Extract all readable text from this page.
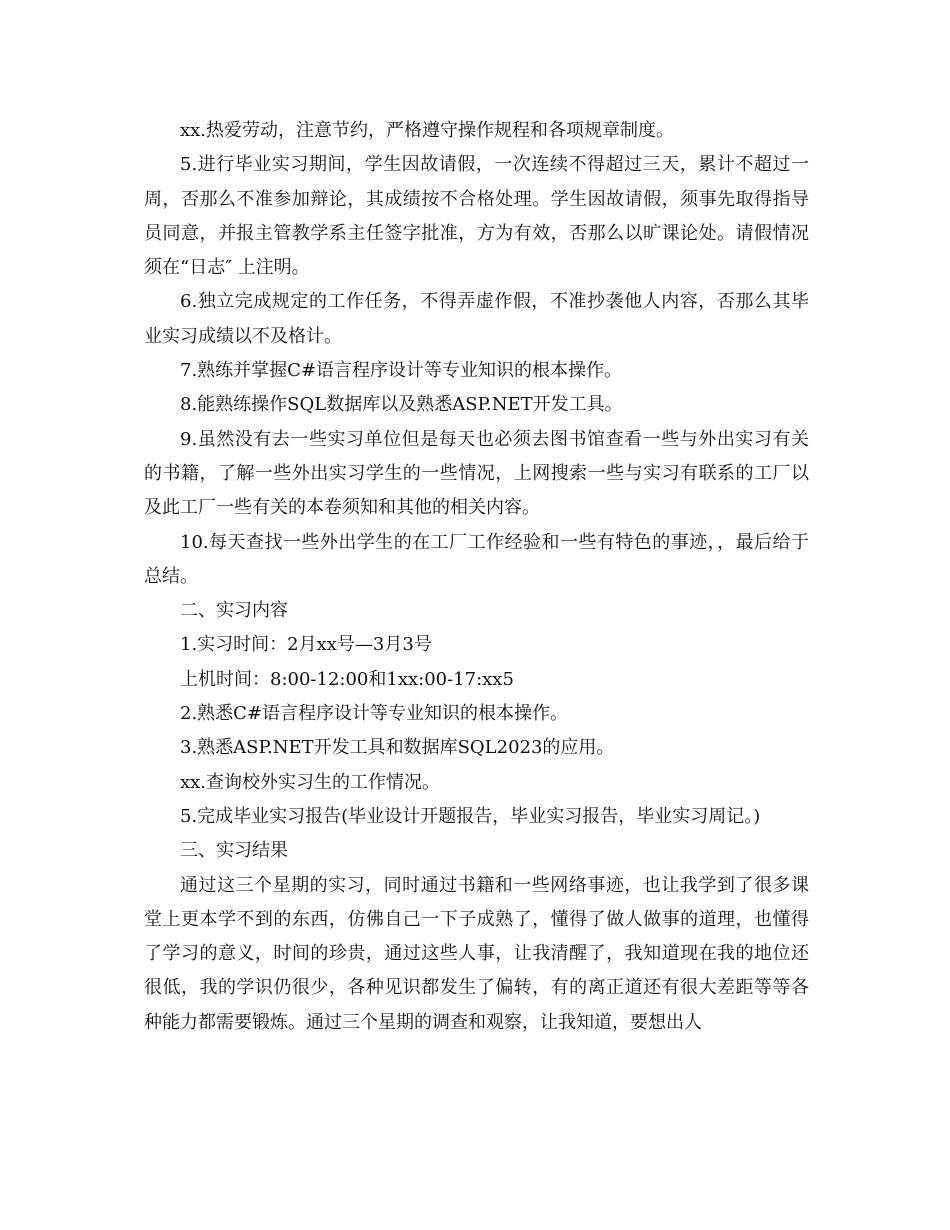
xx.热爱劳动，注意节约，严格遵守操作规程和各项规章制度。

5.进行毕业实习期间，学生因故请假，一次连续不得超过三天，累计不超过一周，否那么不准参加辩论，其成绩按不合格处理。学生因故请假，须事先取得指导员同意，并报主管教学系主任签字批准，方为有效，否那么以旷课论处。请假情况须在“日志″ 上注明。

6.独立完成规定的工作任务，不得弄虚作假，不准抄袭他人内容，否那么其毕业实习成绩以不及格计。

7.熟练并掌握C#语言程序设计等专业知识的根本操作。

8.能熟练操作SQL数据库以及熟悉ASP.NET开发工具。

9.虽然没有去一些实习单位但是每天也必须去图书馆查看一些与外出实习有关的书籍，了解一些外出实习学生的一些情况，上网搜索一些与实习有联系的工厂以及此工厂一些有关的本卷须知和其他的相关内容。

10.每天查找一些外出学生的在工厂工作经验和一些有特色的事迹，，最后给于总结。

二、实习内容

1.实习时间：2月xx号—3月3号

上机时间：8:00-12:00和1xx:00-17:xx5

2.熟悉C#语言程序设计等专业知识的根本操作。

3.熟悉ASP.NET开发工具和数据库SQL2023的应用。

xx.查询校外实习生的工作情况。

5.完成毕业实习报告(毕业设计开题报告，毕业实习报告，毕业实习周记。)

三、实习结果

通过这三个星期的实习，同时通过书籍和一些网络事迹，也让我学到了很多课堂上更本学不到的东西，仿佛自己一下子成熟了，懂得了做人做事的道理，也懂得了学习的意义，时间的珍贵，通过这些人事，让我清醒了，我知道现在我的地位还很低，我的学识仍很少，各种见识都发生了偏转，有的离正道还有很大差距等等各种能力都需要锻炼。通过三个星期的调查和观察，让我知道，要想出人
